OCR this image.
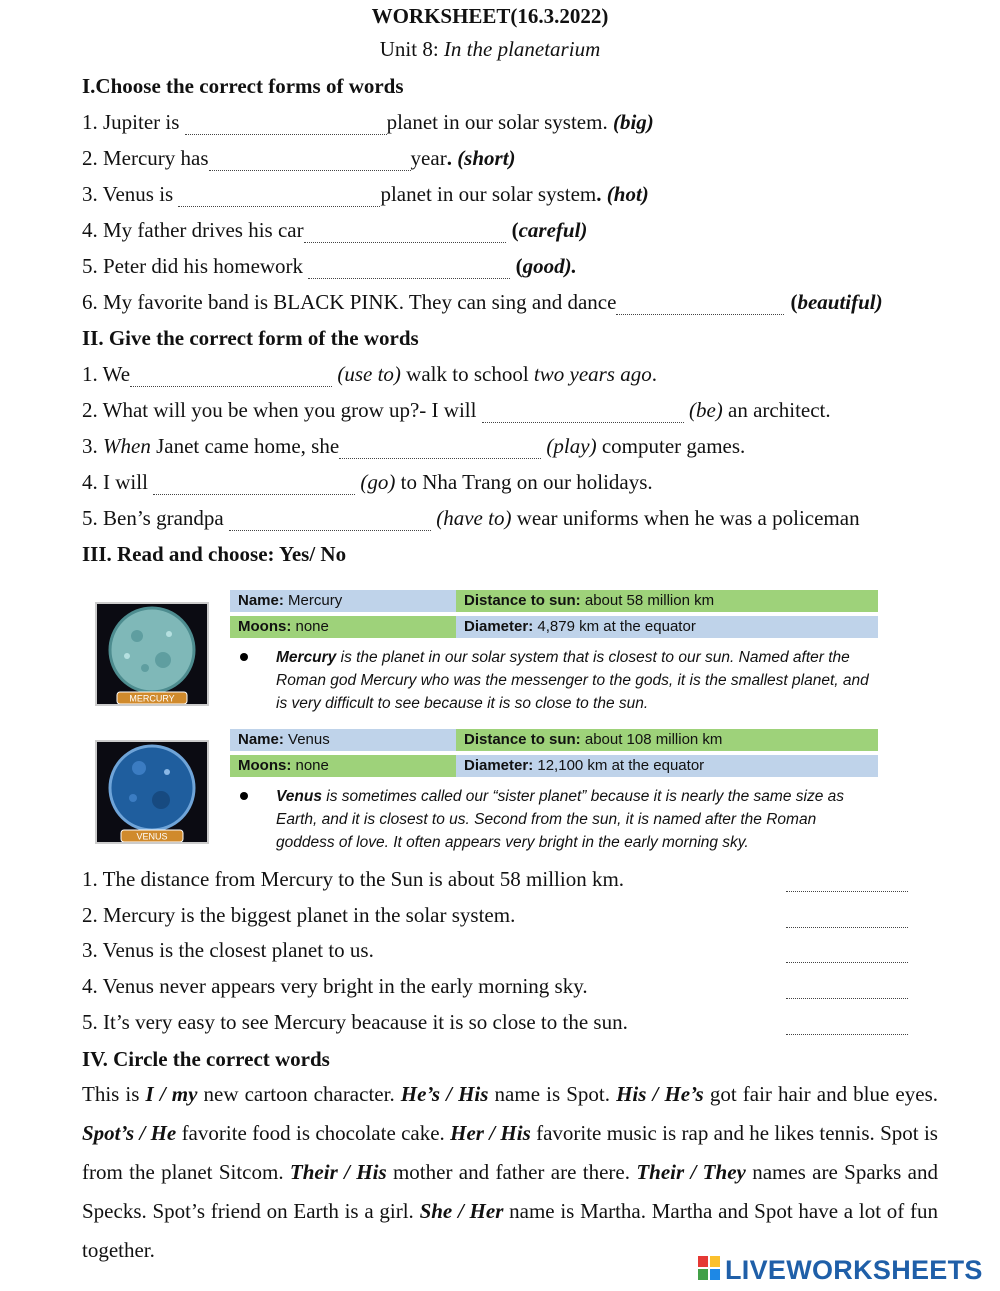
WORKSHEET(16.3.2022)
Unit 8: In the planetarium
I.Choose the correct forms of words
1. Jupiter is	planet in our solar system. (big)
2. Mercury has	year. (short)
3. Venus is	planet in our solar system. (hot)
4. My father drives his car	(careful)
5. Peter did his homework	(good).
6. My favorite band is BLACK PINK. They can sing and dance	(beautiful)
II. Give the correct form of the words
1. We	(use to) walk to school two years ago.
2. What will you be when you grow up?- I will	(be) an architect.
3. When Janet came home, she	(play) computer games.
4. I will	(go) to Nha Trang on our holidays.
5. Ben’s grandpa	(have to) wear uniforms when he was a policeman
III. Read and choose: Yes/ No
MERCURY
Name: Mercury	Distance to sun: about 58 million km
Moons: none	Diameter: 4,879 km at the equator
Mercury is the planet in our solar system that is closest to our sun. Named after the Roman god Mercury who was the messenger to the gods, it is the smallest planet, and is very difficult to see because it is so close to the sun.
VENUS
Name: Venus	Distance to sun: about 108 million km
Moons: none	Diameter: 12,100 km at the equator
Venus is sometimes called our “sister planet” because it is nearly the same size as Earth, and it is closest to us. Second from the sun, it is named after the Roman goddess of love. It often appears very bright in the early morning sky.
1. The distance from Mercury to the Sun is about 58 million km.
2. Mercury is the biggest planet in the solar system.
3. Venus is the closest planet to us.
4. Venus never appears very bright in the early morning sky.
5. It’s very easy to see Mercury beacause it is so close to the sun.
IV. Circle the correct words
This is I / my new cartoon character. He’s / His name is Spot. His / He’s got fair hair and blue eyes. Spot’s / He favorite food is chocolate cake. Her / His favorite music is rap and he likes tennis. Spot is from the planet Sitcom. Their / His mother and father are there. Their / They names are Sparks and Specks. Spot’s friend on Earth is a girl. She / Her name is Martha. Martha and Spot have a lot of fun together.
LIVEWORKSHEETS
